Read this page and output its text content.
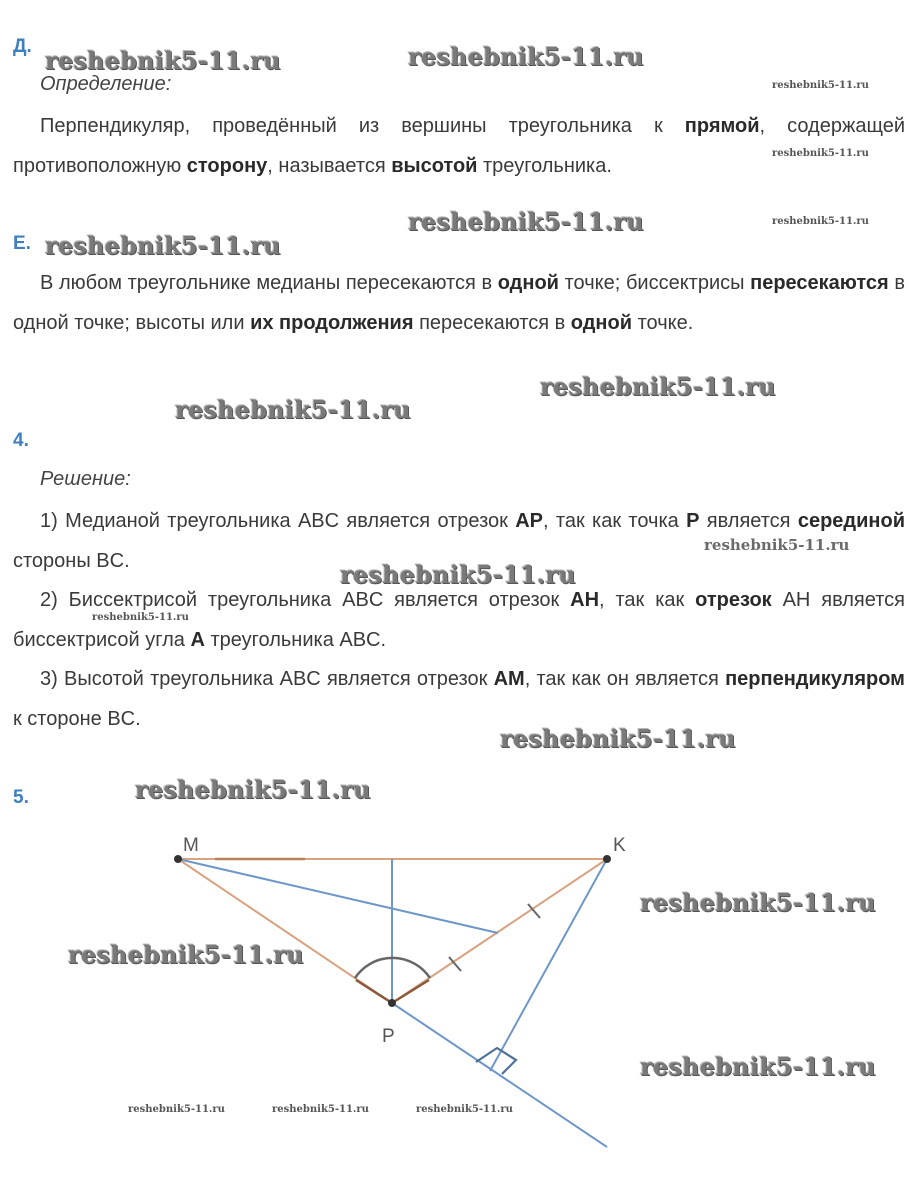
Д.
Определение:
Перпендикуляр, проведённый из вершины треугольника к прямой, содержащей противоположную сторону, называется высотой треугольника.
Е.
В любом треугольнике медианы пересекаются в одной точке; биссектрисы пересекаются в одной точке; высоты или их продолжения пересекаются в одной точке.
4.
Решение:
1) Медианой треугольника ABC является отрезок AP, так как точка P является серединой стороны BC.
2) Биссектрисой треугольника ABC является отрезок AH, так как отрезок AH является биссектрисой угла A треугольника ABC.
3) Высотой треугольника ABC является отрезок AM, так как он является перпендикуляром к стороне BC.
5.
M	K
P
reshebnik5-11.ru	reshebnik5-11.ru
reshebnik5-11.ru
reshebnik5-11.ru
reshebnik5-11.ru	reshebnik5-11.ru
reshebnik5-11.ru
reshebnik5-11.ru
reshebnik5-11.ru
reshebnik5-11.ru
reshebnik5-11.ru
reshebnik5-11.ru
reshebnik5-11.ru
reshebnik5-11.ru
reshebnik5-11.ru
reshebnik5-11.ru
reshebnik5-11.ru
reshebnik5-11.ru	reshebnik5-11.ru	reshebnik5-11.ru
